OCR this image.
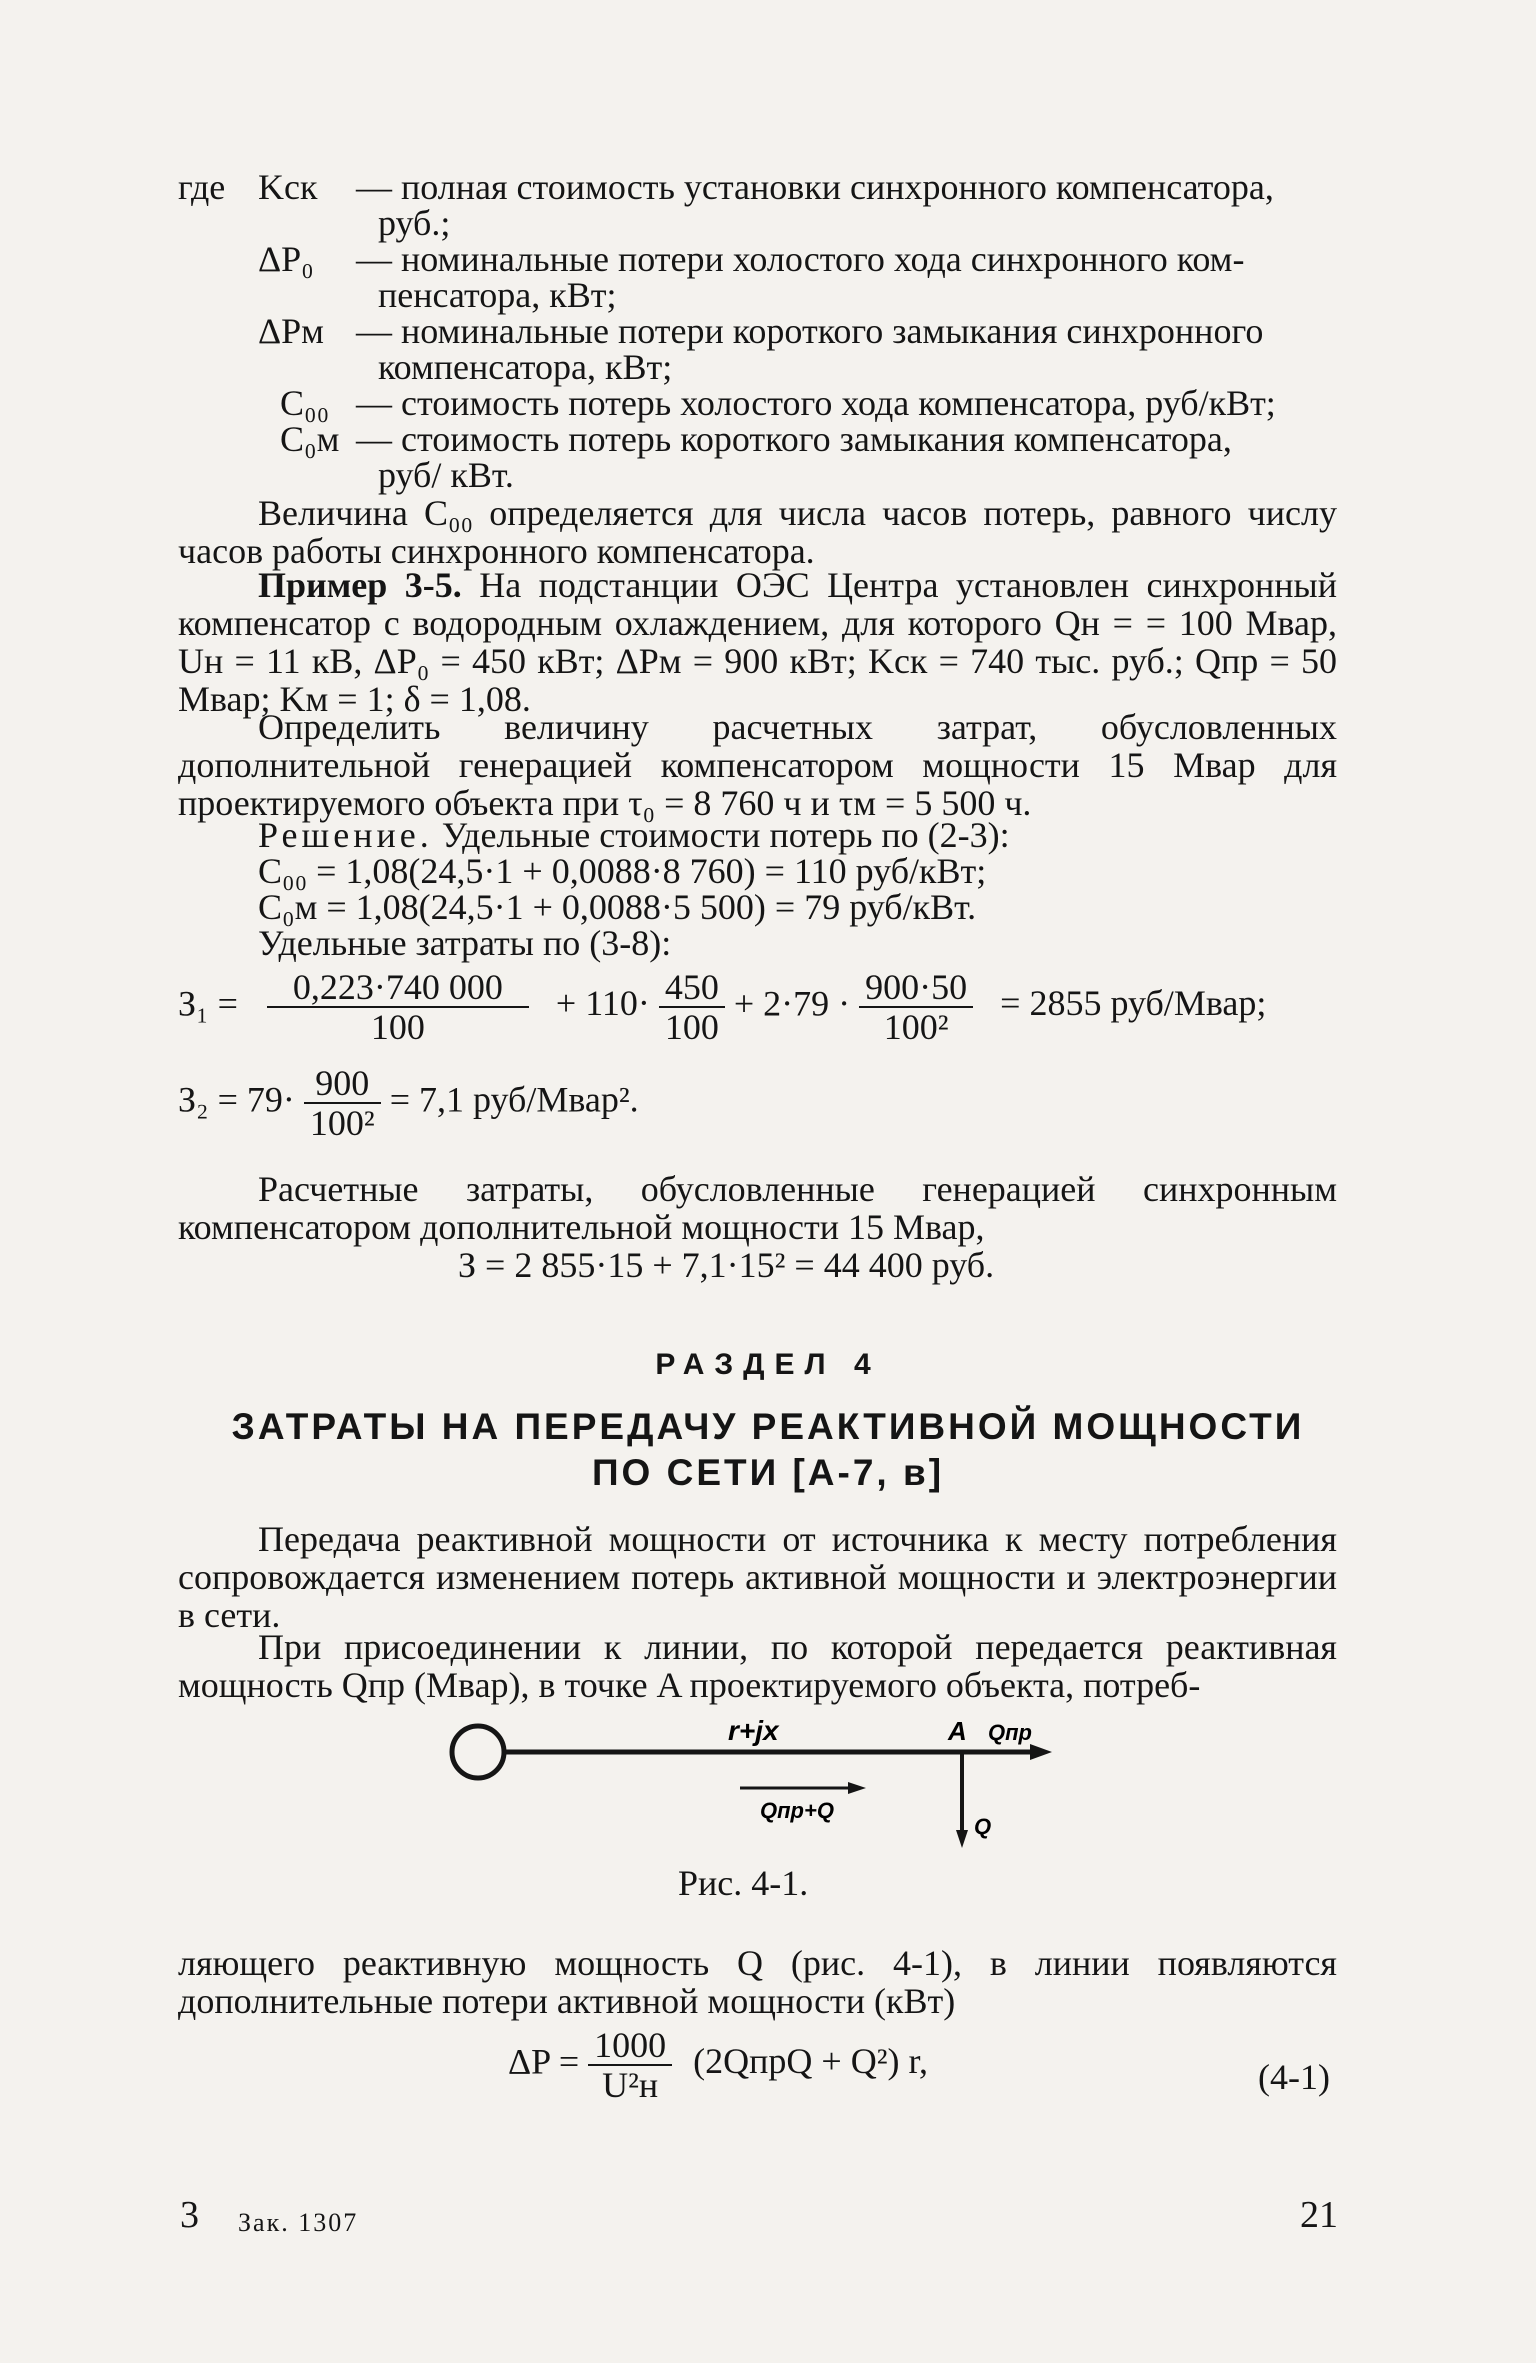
где Kск — полная стоимость установки синхронного компенсатора,
руб.;
ΔP₀ — номинальные потери холостого хода синхронного ком-
пенсатора, кВт;
ΔPм — номинальные потери короткого замыкания синхронного
компенсатора, кВт;
C₀₀ — стоимость потерь холостого хода компенсатора, руб/кВт;
C₀м — стоимость потерь короткого замыкания компенсатора,
руб/ кВт.
Величина C₀₀ определяется для числа часов потерь, равного числу часов работы синхронного компенсатора.
Пример 3-5. На подстанции ОЭС Центра установлен синхронный компенсатор с водородным охлаждением, для которого Qн = = 100 Мвар, Uн = 11 кВ, ΔP₀ = 450 кВт; ΔPм = 900 кВт; Kск = 740 тыс. руб.; Qпр = 50 Мвар; Kм = 1; δ = 1,08.
Определить величину расчетных затрат, обусловленных дополнительной генерацией компенсатором мощности 15 Мвар для проектируемого объекта при τ₀ = 8 760 ч и τм = 5 500 ч.
Решение. Удельные стоимости потерь по (2-3):
C₀₀ = 1,08(24,5·1 + 0,0088·8 760) = 110 руб/кВт;
C₀м = 1,08(24,5·1 + 0,0088·5 500) = 79 руб/кВт.
Удельные затраты по (3-8):
$З_1 = \frac{0,223\cdot 740 000}{100} + 110\cdot \frac{450}{100} + 2\cdot 79 \cdot \frac{900\cdot 50}{\text{100²}} = 2855$ руб/Мвар;
$З_2 = 79\cdot \frac{900}{\text{100²}} = 7,1$ руб/Мвар².
Расчетные затраты, обусловленные генерацией синхронным компенсатором дополнительной мощности 15 Мвар,
З = 2 855·15 + 7,1·15² = 44 400 руб.
РАЗДЕЛ 4
ЗАТРАТЫ НА ПЕРЕДАЧУ РЕАКТИВНОЙ МОЩНОСТИ
ПО СЕТИ [А-7, в]
Передача реактивной мощности от источника к месту потребления сопровождается изменением потерь активной мощности и электроэнергии в сети.
При присоединении к линии, по которой передается реактивная мощность Qпр (Мвар), в точке A проектируемого объекта, потреб-
r+jx	A Qпр
Qпр+Q
Q
Рис. 4-1.
ляющего реактивную мощность Q (рис. 4-1), в линии появляются дополнительные потери активной мощности (кВт)
$\Delta P = \frac{1000}{\text{U²н}}$ (2QпрQ + Q²) r,	(4-1)
3 Зак. 1307	21
